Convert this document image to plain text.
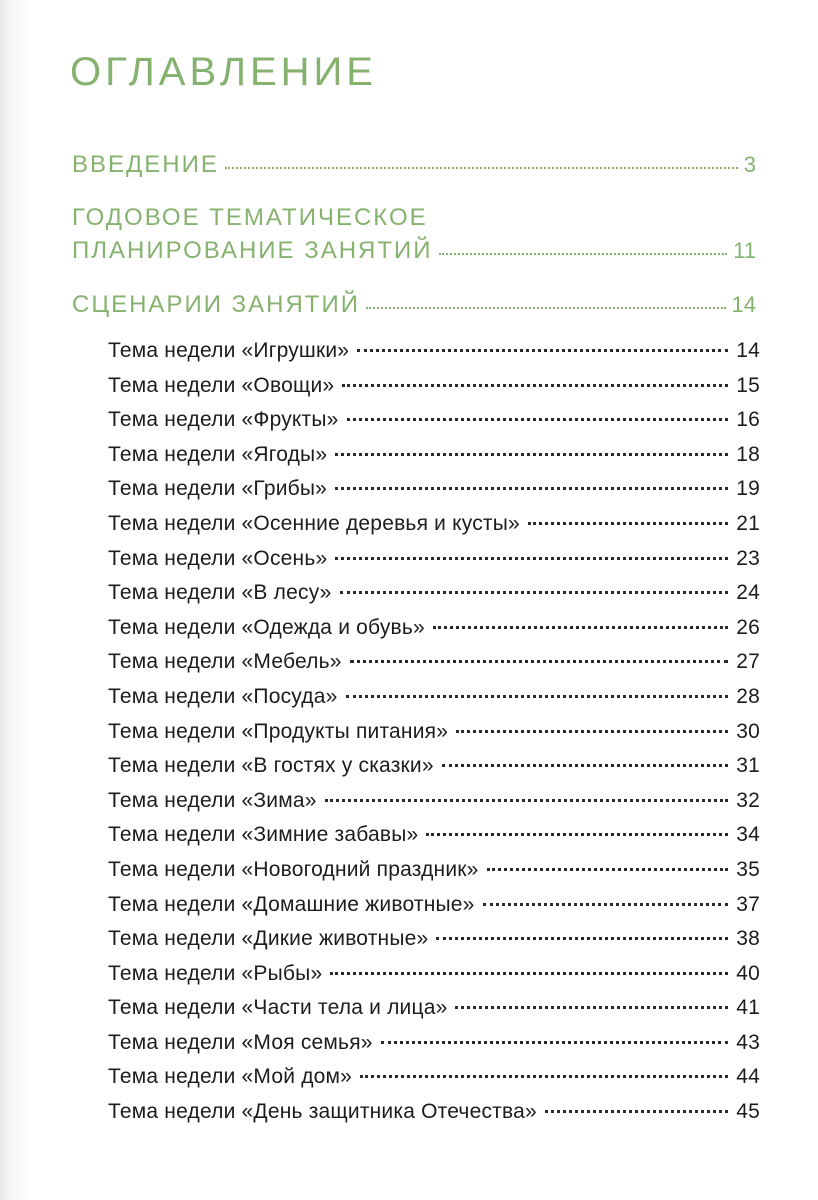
ОГЛАВЛЕНИЕ
ВВЕДЕНИЕ	3
ГОДОВОЕ ТЕМАТИЧЕСКОЕ
ПЛАНИРОВАНИЕ ЗАНЯТИЙ	11
СЦЕНАРИИ ЗАНЯТИЙ	14
Тема недели «Игрушки»	14
Тема недели «Овощи»	15
Тема недели «Фрукты»	16
Тема недели «Ягоды»	18
Тема недели «Грибы»	19
Тема недели «Осенние деревья и кусты»	21
Тема недели «Осень»	23
Тема недели «В лесу»	24
Тема недели «Одежда и обувь»	26
Тема недели «Мебель»	27
Тема недели «Посуда»	28
Тема недели «Продукты питания»	30
Тема недели «В гостях у сказки»	31
Тема недели «Зима»	32
Тема недели «Зимние забавы»	34
Тема недели «Новогодний праздник»	35
Тема недели «Домашние животные»	37
Тема недели «Дикие животные»	38
Тема недели «Рыбы»	40
Тема недели «Части тела и лица»	41
Тема недели «Моя семья»	43
Тема недели «Мой дом»	44
Тема недели «День защитника Отечества»	45
